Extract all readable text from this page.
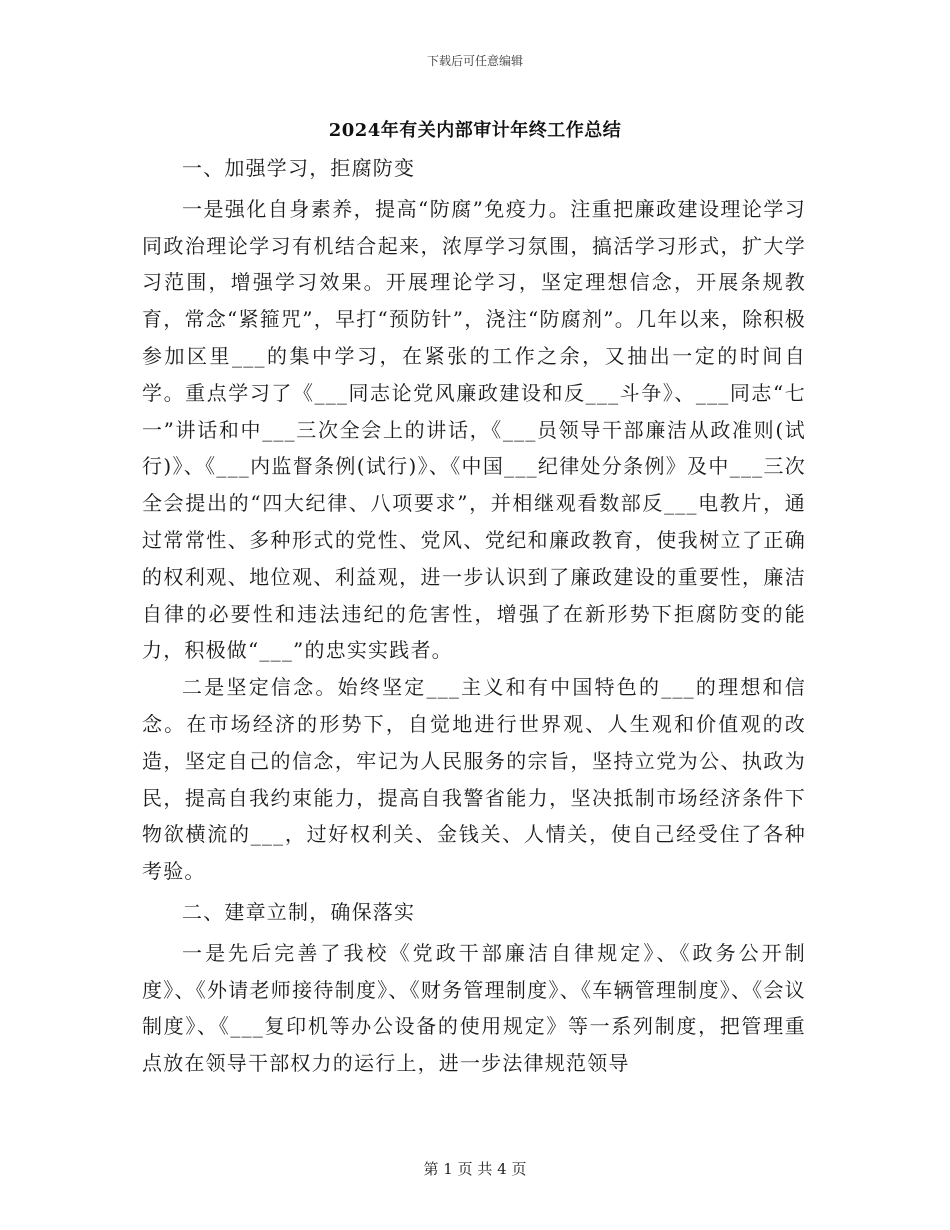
下载后可任意编辑
2024年有关内部审计年终工作总结

一、加强学习，拒腐防变

一是强化自身素养，提高“防腐”免疫力。注重把廉政建设理论学习同政治理论学习有机结合起来，浓厚学习氛围，搞活学习形式，扩大学习范围，增强学习效果。开展理论学习，坚定理想信念，开展条规教育，常念“紧箍咒”，早打“预防针”，浇注“防腐剂”。几年以来，除积极参加区里___的集中学习，在紧张的工作之余，又抽出一定的时间自学。重点学习了《___同志论党风廉政建设和反___斗争》、___同志“七一”讲话和中___三次全会上的讲话，《___员领导干部廉洁从政准则(试行)》、《___内监督条例(试行)》、《中国___纪律处分条例》及中___三次全会提出的“四大纪律、八项要求”，并相继观看数部反___电教片，通过常常性、多种形式的党性、党风、党纪和廉政教育，使我树立了正确的权利观、地位观、利益观，进一步认识到了廉政建设的重要性，廉洁自律的必要性和违法违纪的危害性，增强了在新形势下拒腐防变的能力，积极做“___”的忠实实践者。

二是坚定信念。始终坚定___主义和有中国特色的___的理想和信念。在市场经济的形势下，自觉地进行世界观、人生观和价值观的改造，坚定自己的信念，牢记为人民服务的宗旨，坚持立党为公、执政为民，提高自我约束能力，提高自我警省能力，坚决抵制市场经济条件下物欲横流的___，过好权利关、金钱关、人情关，使自己经受住了各种考验。

二、建章立制，确保落实

一是先后完善了我校《党政干部廉洁自律规定》、《政务公开制度》、《外请老师接待制度》、《财务管理制度》、《车辆管理制度》、《会议制度》、《___复印机等办公设备的使用规定》等一系列制度，把管理重点放在领导干部权力的运行上，进一步法律规范领导

第 1 页 共 4 页
